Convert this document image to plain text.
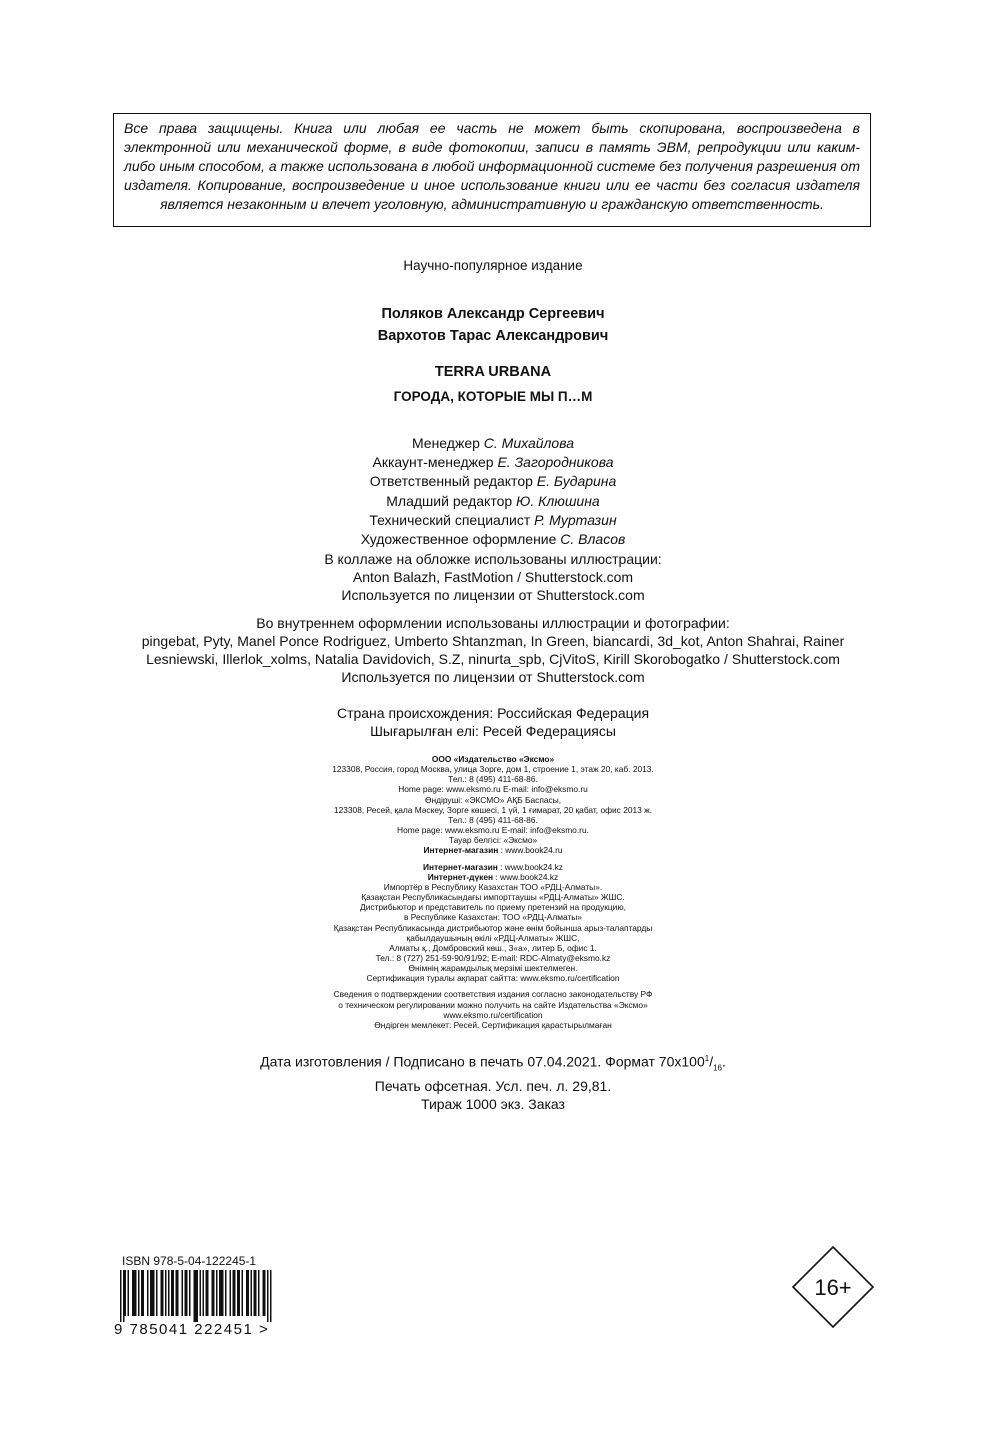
Все права защищены. Книга или любая ее часть не может быть скопирована, воспроизведена в электронной или механической форме, в виде фотокопии, записи в память ЭВМ, репродукции или каким-либо иным способом, а также использована в любой информационной системе без получения разрешения от издателя. Копирование, воспроизведение и иное использование книги или ее части без согласия издателя является незаконным и влечет уголовную, административную и гражданскую ответственность.
Научно-популярное издание
Поляков Александр Сергеевич
Вархотов Тарас Александрович
TERRA URBANA
ГОРОДА, КОТОРЫЕ МЫ П…М
Менеджер С. Михайлова
Аккаунт-менеджер Е. Загородникова
Ответственный редактор Е. Бударина
Младший редактор Ю. Клюшина
Технический специалист Р. Муртазин
Художественное оформление С. Власов
В коллаже на обложке использованы иллюстрации:
Anton Balazh, FastMotion / Shutterstock.com
Используется по лицензии от Shutterstock.com
Во внутреннем оформлении использованы иллюстрации и фотографии:
pingebat, Pyty, Manel Ponce Rodriguez, Umberto Shtanzman, In Green, biancardi, 3d_kot, Anton Shahrai, Rainer Lesniewski, Illerlok_xolms, Natalia Davidovich, S.Z, ninurta_spb, CjVitoS, Kirill Skorobogatko / Shutterstock.com
Используется по лицензии от Shutterstock.com
Страна происхождения: Российская Федерация
Шығарылған елі: Ресей Федерациясы
ООО «Издательство «Эксмо»
123308, Россия, город Москва, улица Зорге, дом 1, строение 1, этаж 20, каб. 2013.
Тел.: 8 (495) 411-68-86.
Home page: www.eksmo.ru E-mail: info@eksmo.ru
Өндіруші: «ЭКСМО» АҚБ Баспасы,
123308, Ресей, қала Мәскеу, Зорге көшесі, 1 үй, 1 ғимарат, 20 қабат, офис 2013 ж.
Тел.: 8 (495) 411-68-86.
Home page: www.eksmo.ru E-mail: info@eksmo.ru.
Тауар белгісі: «Эксмо»
Интернет-магазин : www.book24.ru
Интернет-магазин : www.book24.kz
Интернет-дүкен : www.book24.kz
Импортёр в Республику Казахстан ТОО «РДЦ-Алматы».
Қазақстан Республикасындағы импорттаушы «РДЦ-Алматы» ЖШС.
Дистрибьютор и представитель по приему претензий на продукцию,
в Республике Казахстан: ТОО «РДЦ-Алматы»
Қазақстан Республикасында дистрибьютор және өнім бойынша арыз-талаптарды
қабылдаушының өкілі «РДЦ-Алматы» ЖШС,
Алматы қ., Домбровский көш., 3«а», литер Б, офис 1.
Тел.: 8 (727) 251-59-90/91/92; E-mail: RDC-Almaty@eksmo.kz
Өнімнің жарамдылық мерзімі шектелмеген.
Сертификация туралы ақпарат сайтта: www.eksmo.ru/certification
Сведения о подтверждении соответствия издания согласно законодательству РФ
о техническом регулировании можно получить на сайте Издательства «Эксмо»
www.eksmo.ru/certification
Өндірген мемлекет: Ресей. Сертификация қарастырылмаған
Дата изготовления / Подписано в печать 07.04.2021. Формат $70x100^1/_{16}$.
Печать офсетная. Усл. печ. л. 29,81.
Тираж 1000 экз. Заказ
ISBN 978-5-04-122245-1
9 785041 222451 >
16+
